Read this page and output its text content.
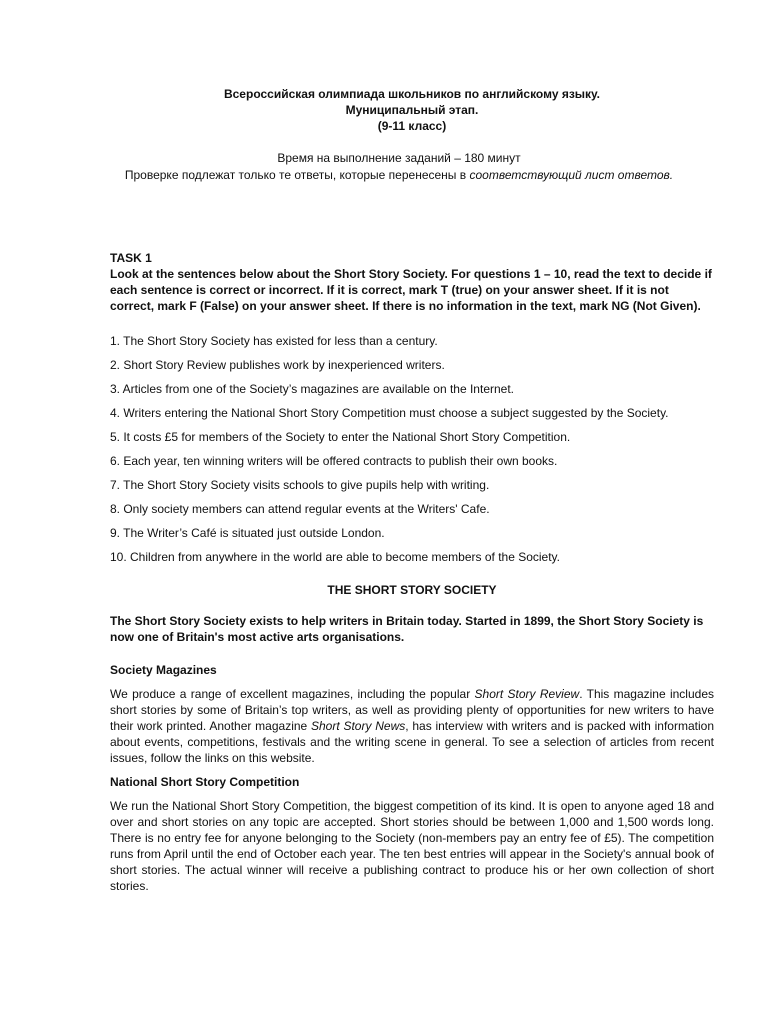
Всероссийская олимпиада школьников по английскому языку.
Муниципальный этап.
(9-11 класс)
Время на выполнение заданий – 180 минут
Проверке подлежат только те ответы, которые перенесены в соответствующий лист ответов.
TASK 1
Look at the sentences below about the Short Story Society. For questions 1 – 10, read the text to decide if each sentence is correct or incorrect. If it is correct, mark T (true) on your answer sheet. If it is not correct, mark F (False) on your answer sheet. If there is no information in the text, mark NG (Not Given).
1. The Short Story Society has existed for less than a century.
2. Short Story Review publishes work by inexperienced writers.
3. Articles from one of the Society’s magazines are available on the Internet.
4. Writers entering the National Short Story Competition must choose a subject suggested by the Society.
5. It costs £5 for members of the Society to enter the National Short Story Competition.
6. Each year, ten winning writers will be offered contracts to publish their own books.
7. The Short Story Society visits schools to give pupils help with writing.
8. Only society members can attend regular events at the Writers' Cafe.
9. The Writer’s Café is situated just outside London.
10. Children from anywhere in the world are able to become members of the Society.
THE SHORT STORY SOCIETY
The Short Story Society exists to help writers in Britain today. Started in 1899, the Short Story Society is now one of Britain's most active arts organisations.
Society Magazines
We produce a range of excellent magazines, including the popular Short Story Review. This magazine includes short stories by some of Britain’s top writers, as well as providing plenty of opportunities for new writers to have their work printed. Another magazine Short Story News, has interview with writers and is packed with information about events, competitions, festivals and the writing scene in general. To see a selection of articles from recent issues, follow the links on this website.
National Short Story Competition
We run the National Short Story Competition, the biggest competition of its kind. It is open to anyone aged 18 and over and short stories on any topic are accepted. Short stories should be between 1,000 and 1,500 words long. There is no entry fee for anyone belonging to the Society (non-members pay an entry fee of £5). The competition runs from April until the end of October each year. The ten best entries will appear in the Society's annual book of short stories. The actual winner will receive a publishing contract to produce his or her own collection of short stories.
